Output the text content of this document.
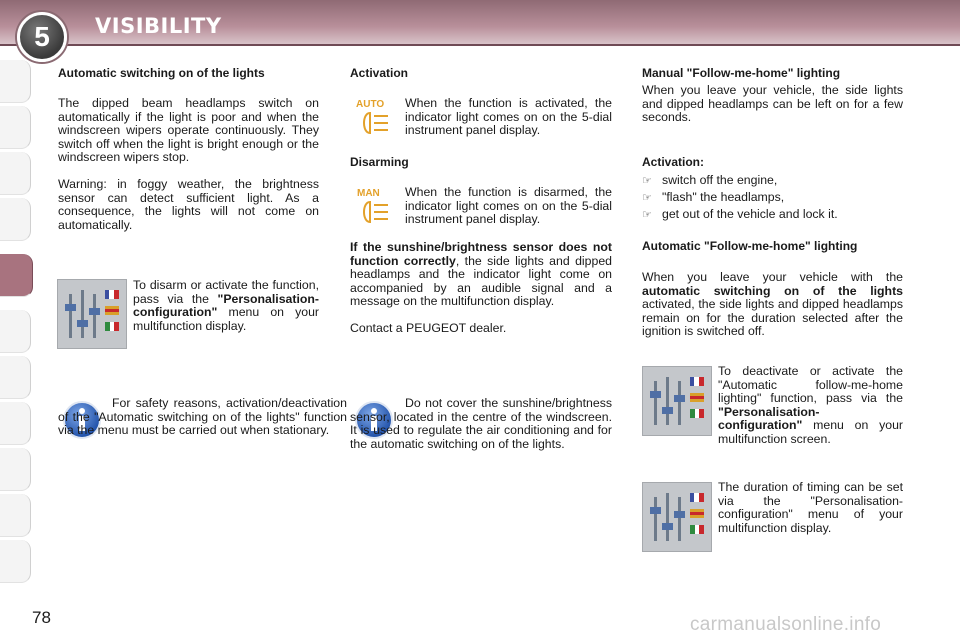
5	VISIBILITY
Automatic switching on of the lights
The dipped beam headlamps switch on automatically if the light is poor and when the windscreen wipers operate continuously. They switch off when the light is bright enough or the windscreen wipers stop.
Warning: in foggy weather, the brightness sensor can detect sufficient light. As a consequence, the lights will not come on automatically.
To disarm or activate the function, pass via the "Personalisation-configuration" menu on your multifunction display.
For safety reasons, activation/deactivation of the "Automatic switching on of the lights" function via the menu must be carried out when stationary.
Activation
AUTO When the function is activated, the indicator light comes on on the 5-dial instrument panel display.
Disarming
MAN When the function is disarmed, the indicator light comes on on the 5-dial instrument panel display.
If the sunshine/brightness sensor does not function correctly, the side lights and dipped headlamps and the indicator light come on accompanied by an audible signal and a message on the multifunction display.
Contact a PEUGEOT dealer.
Do not cover the sunshine/brightness sensor, located in the centre of the windscreen. It is used to regulate the air conditioning and for the automatic switching on of the lights.
Manual "Follow-me-home" lighting
When you leave your vehicle, the side lights and dipped headlamps can be left on for a few seconds.
Activation:
☞ switch off the engine,
☞ "flash" the headlamps,
☞ get out of the vehicle and lock it.
Automatic "Follow-me-home" lighting
When you leave your vehicle with the automatic switching on of the lights activated, the side lights and dipped headlamps remain on for the duration selected after the ignition is switched off.
To deactivate or activate the "Automatic follow-me-home lighting" function, pass via the "Personalisation-configuration" menu on your multifunction screen.
The duration of timing can be set via the "Personalisation-configuration" menu of your multifunction display.
78	carmanualsonline.info
